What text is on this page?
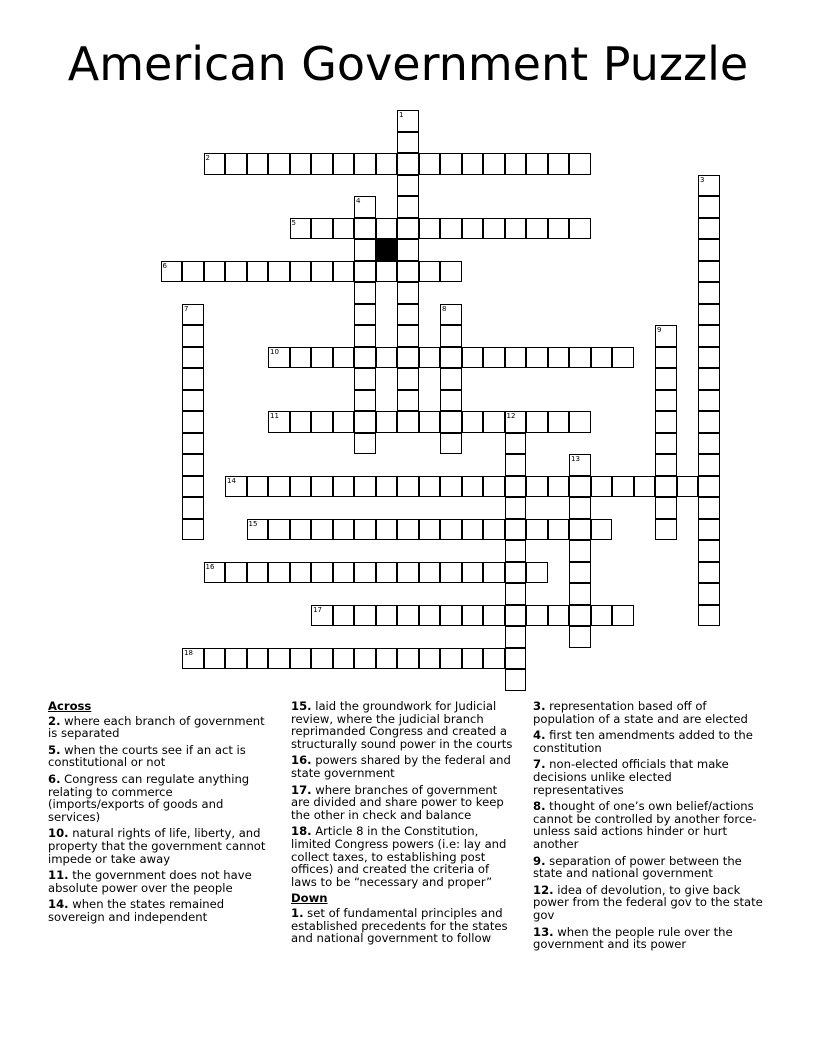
American Government Puzzle
2
5
6
10
11	12
14
15
16
17
18
1
3
4
7	8
9
13
Across
2. where each branch of government is separated
5. when the courts see if an act is constitutional or not
6. Congress can regulate anything relating to commerce (imports/exports of goods and services)
10. natural rights of life, liberty, and property that the government cannot impede or take away
11. the government does not have absolute power over the people
14. when the states remained sovereign and independent
15. laid the groundwork for Judicial review, where the judicial branch reprimanded Congress and created a structurally sound power in the courts
16. powers shared by the federal and state government
17. where branches of government are divided and share power to keep the other in check and balance
18. Article 8 in the Constitution, limited Congress powers (i.e: lay and collect taxes, to establishing post offices) and created the criteria of laws to be “necessary and proper”
Down
1. set of fundamental principles and established precedents for the states and national government to follow
3. representation based off of population of a state and are elected
4. first ten amendments added to the constitution
7. non-elected officials that make decisions unlike elected representatives
8. thought of one’s own belief/actions cannot be controlled by another force-unless said actions hinder or hurt another
9. separation of power between the state and national government
12. idea of devolution, to give back power from the federal gov to the state gov
13. when the people rule over the government and its power
